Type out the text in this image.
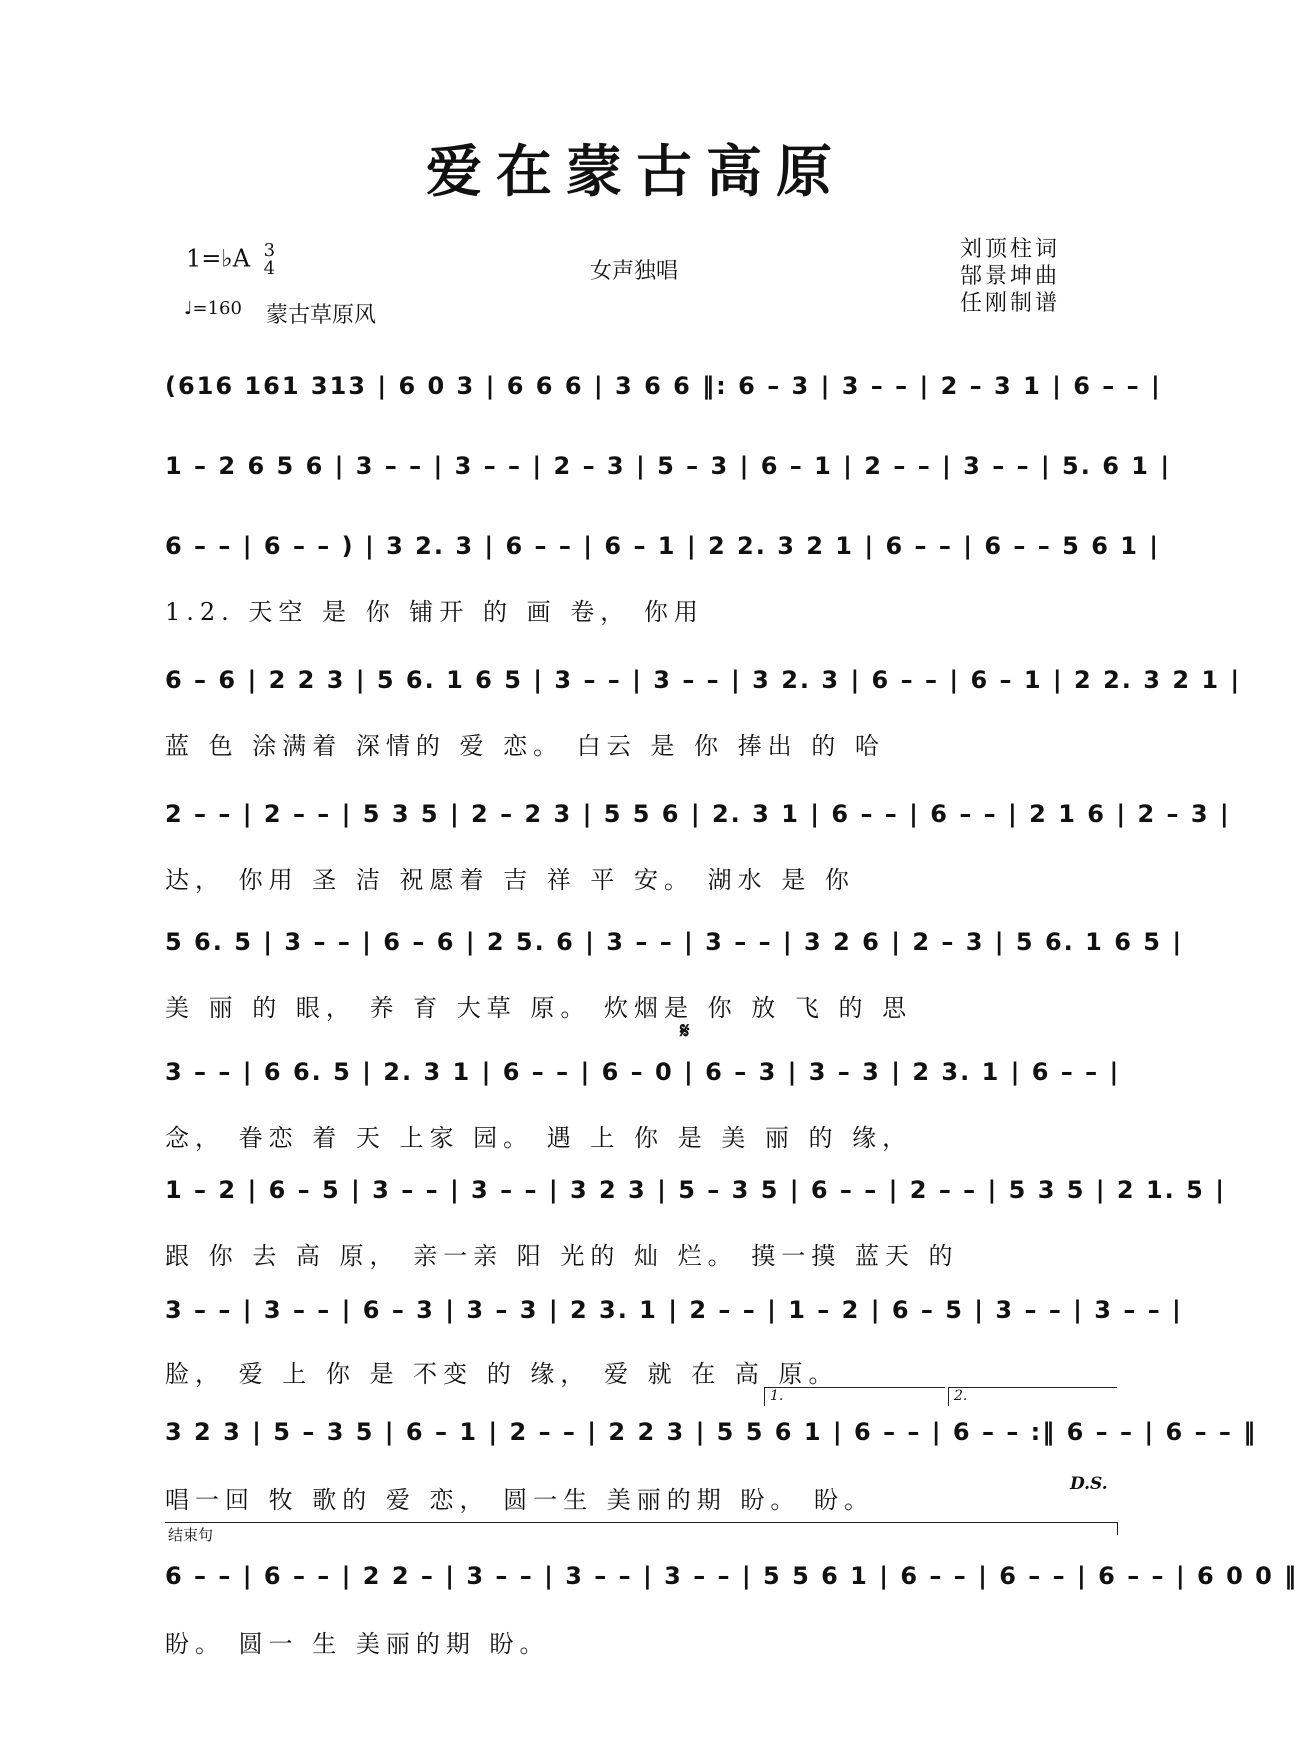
爱在蒙古高原
1=♭A 3
4
♩=160 蒙古草原风
女声独唱
刘顶柱词
郜景坤曲
任刚制谱
(616 161 313 | 6 0 3 | 6 6 6 | 3 6 6 ‖: 6 – 3 | 3 – – | 2 – 3 1 | 6 – – |
1 – 2 6 5 6 | 3 – – | 3 – – | 2 – 3 | 5 – 3 | 6 – 1 | 2 – – | 3 – – | 5. 6 1 |
6 – – | 6 – – ) | 3 2. 3 | 6 – – | 6 – 1 | 2 2. 3 2 1 | 6 – – | 6 – – 5 6 1 |
1.2. 天空 是 你 铺开 的 画 卷， 你用
6 – 6 | 2 2 3 | 5 6. 1 6 5 | 3 – – | 3 – – | 3 2. 3 | 6 – – | 6 – 1 | 2 2. 3 2 1 |
蓝 色 涂满着 深情的 爱 恋。 白云 是 你 捧出 的 哈
2 – – | 2 – – | 5 3 5 | 2 – 2 3 | 5 5 6 | 2. 3 1 | 6 – – | 6 – – | 2 1 6 | 2 – 3 |
达， 你用 圣 洁 祝愿着 吉 祥 平 安。 湖水 是 你
5 6. 5 | 3 – – | 6 – 6 | 2 5. 6 | 3 – – | 3 – – | 3 2 6 | 2 – 3 | 5 6. 1 6 5 |
美 丽 的 眼， 养 育 大草 原。 炊烟是 你 放 飞 的 思
𝄋
3 – – | 6 6. 5 | 2. 3 1 | 6 – – | 6 – 0 | 6 – 3 | 3 – 3 | 2 3. 1 | 6 – – |
念， 眷恋 着 天 上家 园。 遇 上 你 是 美 丽 的 缘，
1 – 2 | 6 – 5 | 3 – – | 3 – – | 3 2 3 | 5 – 3 5 | 6 – – | 2 – – | 5 3 5 | 2 1. 5 |
跟 你 去 高 原， 亲一亲 阳 光的 灿 烂。 摸一摸 蓝天 的
3 – – | 3 – – | 6 – 3 | 3 – 3 | 2 3. 1 | 2 – – | 1 – 2 | 6 – 5 | 3 – – | 3 – – |
脸， 爱 上 你 是 不变 的 缘， 爱 就 在 高 原。
1.	2.
3 2 3 | 5 – 3 5 | 6 – 1 | 2 – – | 2 2 3 | 5 5 6 1 | 6 – – | 6 – – :‖ 6 – – | 6 – – ‖
D.S.
唱一回 牧 歌的 爱 恋， 圆一生 美丽的期 盼。 盼。
结束句
6 – – | 6 – – | 2 2 – | 3 – – | 3 – – | 3 – – | 5 5 6 1 | 6 – – | 6 – – | 6 – – | 6 0 0 ‖
盼。 圆一 生 美丽的期 盼。
